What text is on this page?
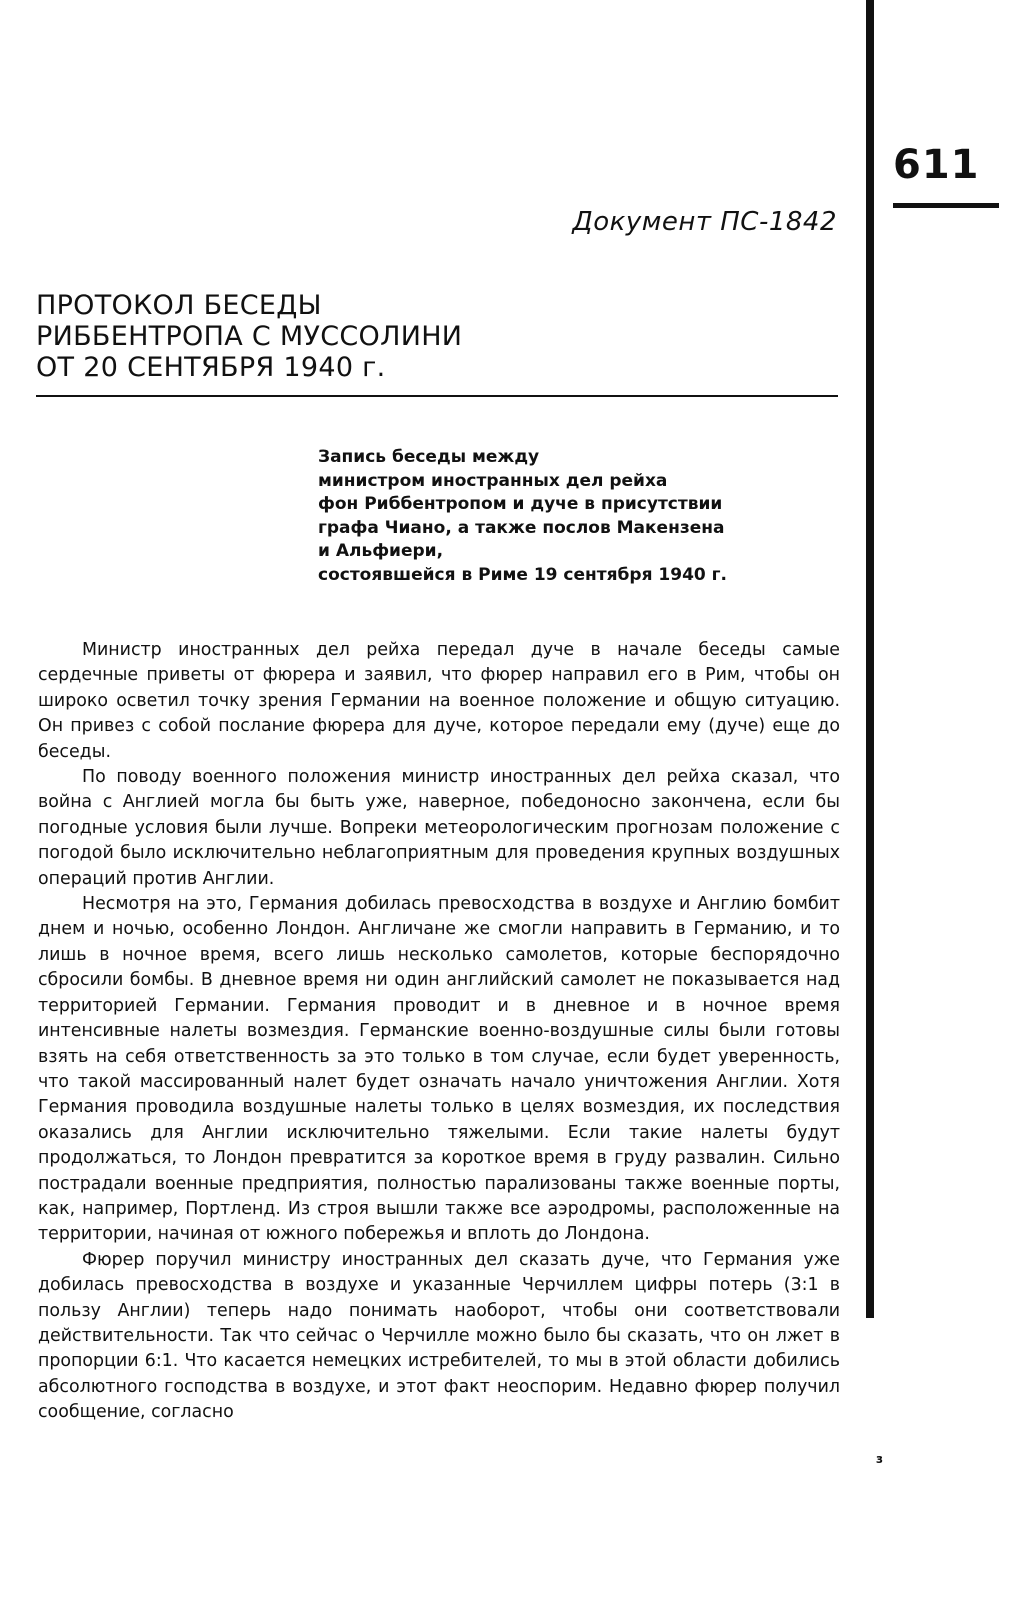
611
з
Документ ПС-1842
ПРОТОКОЛ БЕСЕДЫ
РИББЕНТРОПА С МУССОЛИНИ
ОТ 20 СЕНТЯБРЯ 1940 г.
Запись беседы между
министром иностранных дел рейха
фон Риббентропом и дуче в присутствии
графа Чиано, а также послов Макензена
и Альфиери,
состоявшейся в Риме 19 сентября 1940 г.

Министр иностранных дел рейха передал дуче в начале беседы самые сердечные приветы от фюрера и заявил, что фюрер направил его в Рим, чтобы он широко осветил точку зрения Германии на военное положение и общую ситуацию. Он привез с собой послание фюрера для дуче, которое передали ему (дуче) еще до беседы.

По поводу военного положения министр иностранных дел рейха сказал, что война с Англией могла бы быть уже, наверное, победоносно закончена, если бы погодные условия были лучше. Вопреки метеорологическим прогнозам положение с погодой было исключительно неблагоприятным для проведения крупных воздушных операций против Англии.

Несмотря на это, Германия добилась превосходства в воздухе и Англию бомбит днем и ночью, особенно Лондон. Англичане же смогли направить в Германию, и то лишь в ночное время, всего лишь несколько самолетов, которые беспорядочно сбросили бомбы. В дневное время ни один английский самолет не показывается над территорией Германии. Германия проводит и в дневное и в ночное время интенсивные налеты возмездия. Германские военно-воздушные силы были готовы взять на себя ответственность за это только в том случае, если будет уверенность, что такой массированный налет будет означать начало уничтожения Англии. Хотя Германия проводила воздушные налеты только в целях возмездия, их последствия оказались для Англии исключительно тяжелыми. Если такие налеты будут продолжаться, то Лондон превратится за короткое время в груду развалин. Сильно пострадали военные предприятия, полностью парализованы также военные порты, как, например, Портленд. Из строя вышли также все аэродромы, расположенные на территории, начиная от южного побережья и вплоть до Лондона.

Фюрер поручил министру иностранных дел сказать дуче, что Германия уже добилась превосходства в воздухе и указанные Черчиллем цифры потерь (3:1 в пользу Англии) теперь надо понимать наоборот, чтобы они соответствовали действительности. Так что сейчас о Черчилле можно было бы сказать, что он лжет в пропорции 6:1. Что касается немецких истребителей, то мы в этой области добились абсолютного господства в воздухе, и этот факт неоспорим. Недавно фюрер получил сообщение, согласно
